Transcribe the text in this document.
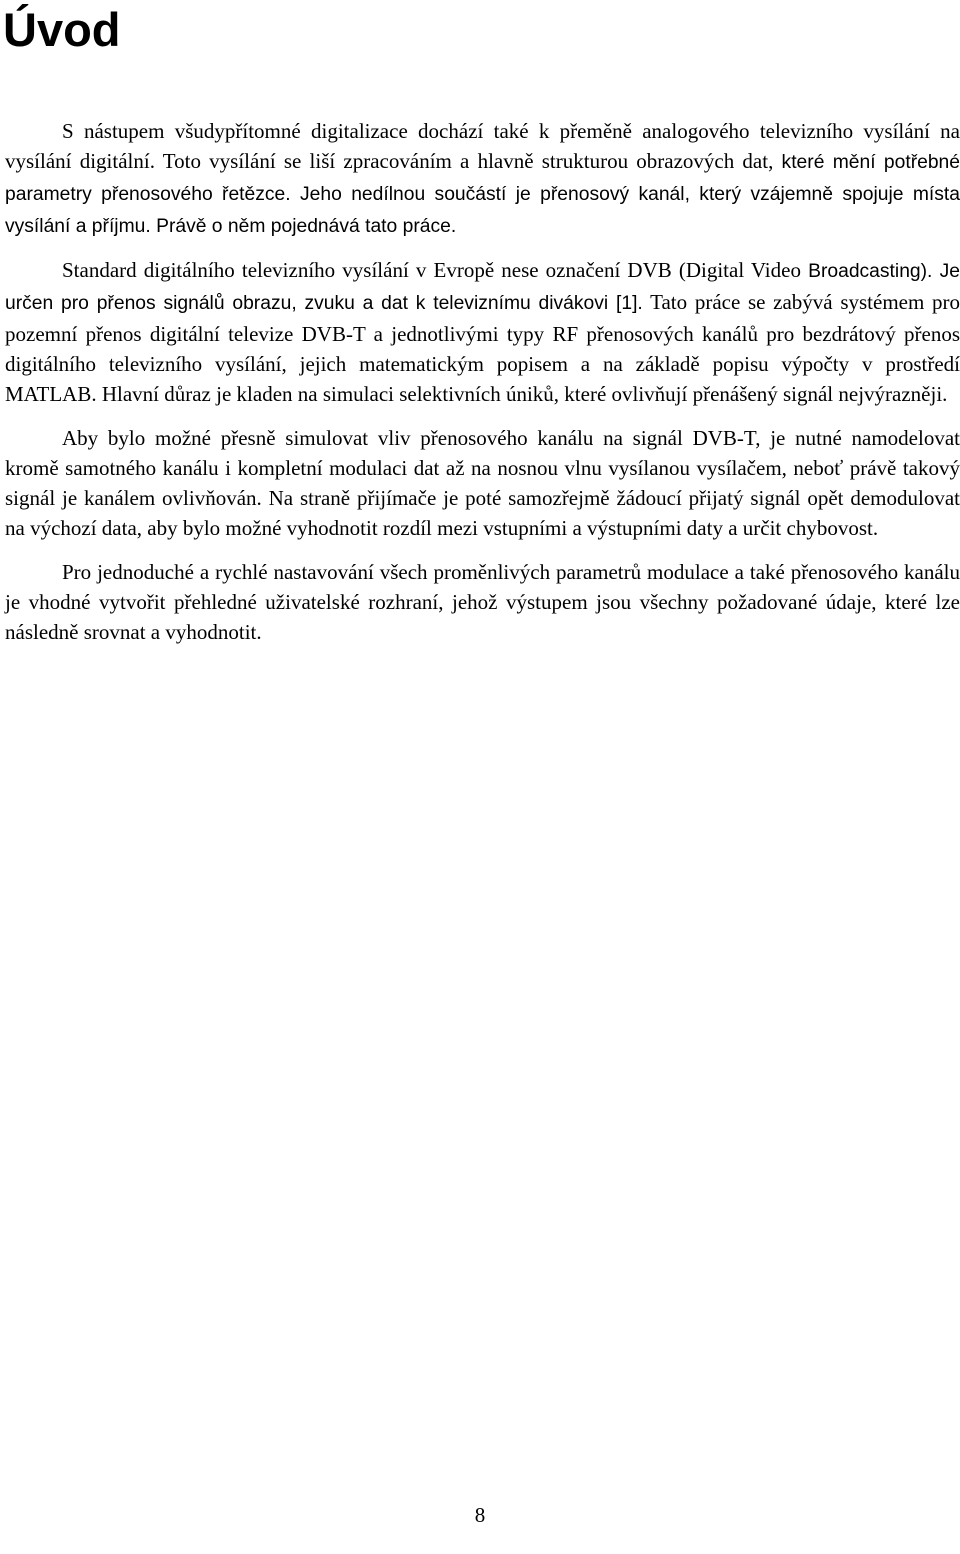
Úvod

S nástupem všudypřítomné digitalizace dochází také k přeměně analogového televizního vysílání na vysílání digitální. Toto vysílání se liší zpracováním a hlavně strukturou obrazových dat, které mění potřebné parametry přenosového řetězce. Jeho nedílnou součástí je přenosový kanál, který vzájemně spojuje místa vysílání a příjmu. Právě o něm pojednává tato práce.

Standard digitálního televizního vysílání v Evropě nese označení DVB (Digital Video Broadcasting). Je určen pro přenos signálů obrazu, zvuku a dat k televiznímu divákovi [1]. Tato práce se zabývá systémem pro pozemní přenos digitální televize DVB-T a jednotlivými typy RF přenosových kanálů pro bezdrátový přenos digitálního televizního vysílání, jejich matematickým popisem a na základě popisu výpočty v prostředí MATLAB. Hlavní důraz je kladen na simulaci selektivních úniků, které ovlivňují přenášený signál nejvýrazněji.

Aby bylo možné přesně simulovat vliv přenosového kanálu na signál DVB-T, je nutné namodelovat kromě samotného kanálu i kompletní modulaci dat až na nosnou vlnu vysílanou vysílačem, neboť právě takový signál je kanálem ovlivňován. Na straně přijímače je poté samozřejmě žádoucí přijatý signál opět demodulovat na výchozí data, aby bylo možné vyhodnotit rozdíl mezi vstupními a výstupními daty a určit chybovost.

Pro jednoduché a rychlé nastavování všech proměnlivých parametrů modulace a také přenosového kanálu je vhodné vytvořit přehledné uživatelské rozhraní, jehož výstupem jsou všechny požadované údaje, které lze následně srovnat a vyhodnotit.

8
